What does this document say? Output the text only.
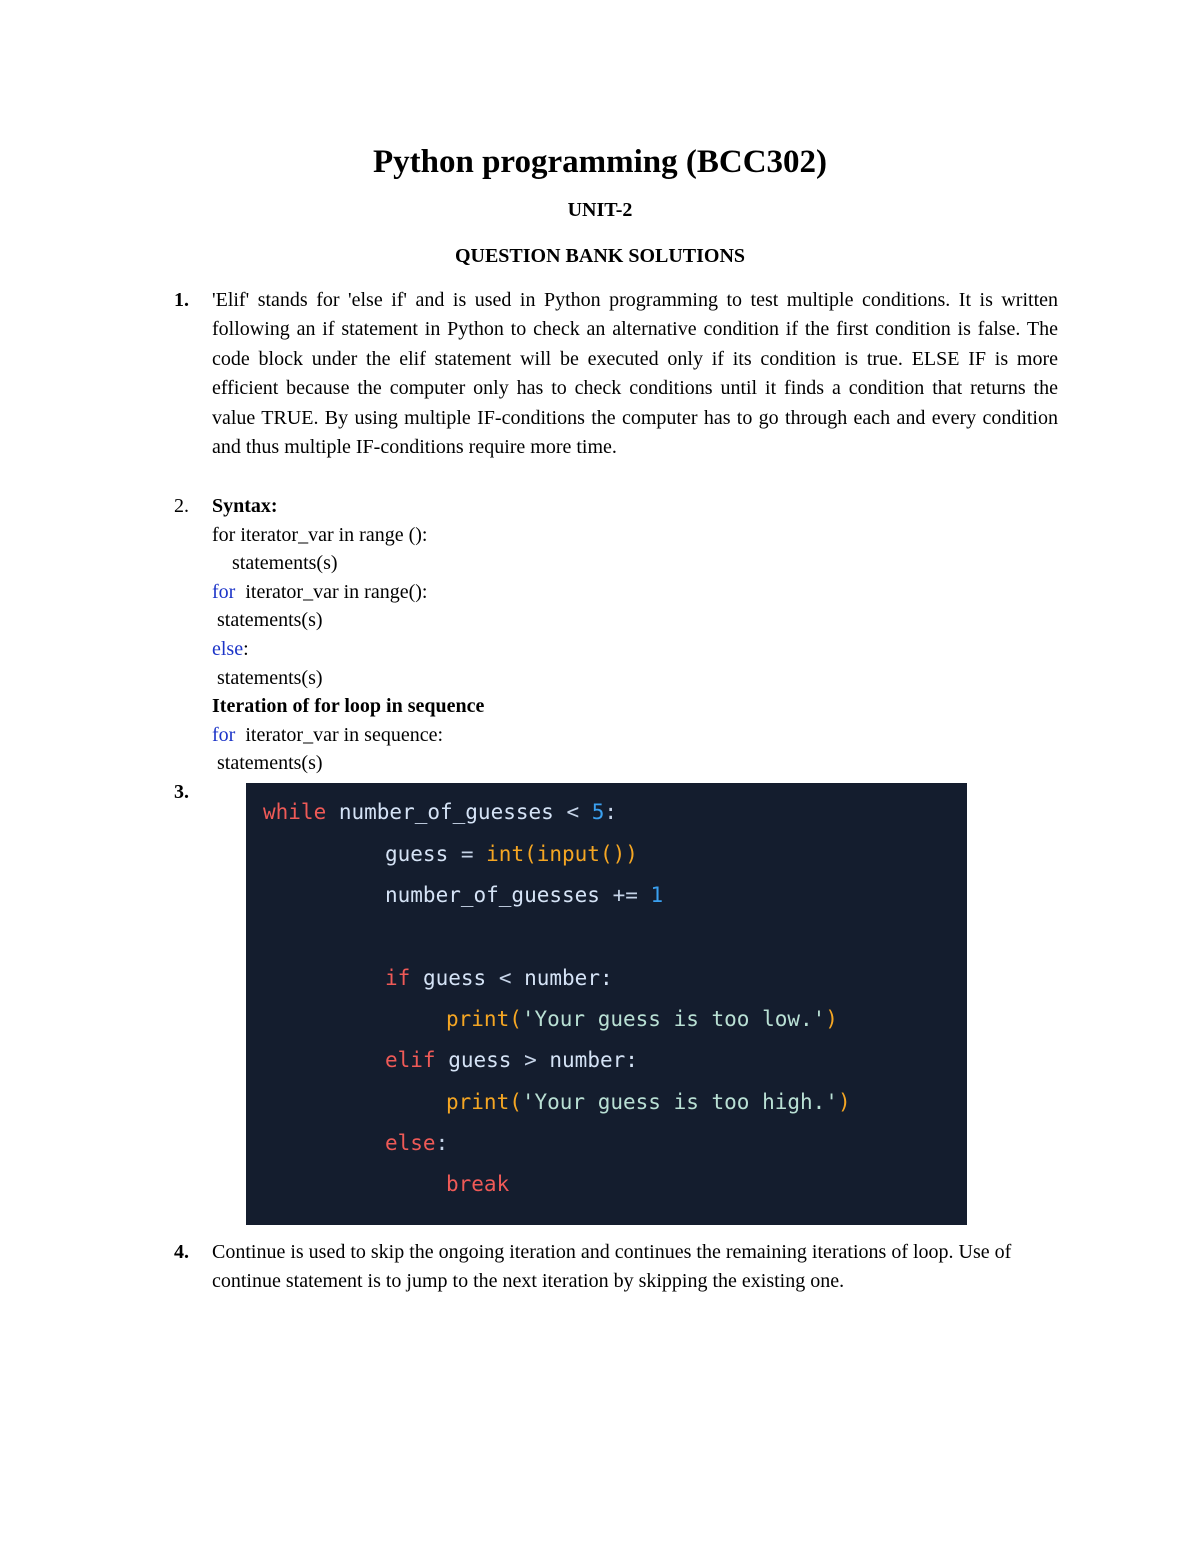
Python programming (BCC302)
UNIT-2
QUESTION BANK SOLUTIONS
1. 'Elif' stands for 'else if' and is used in Python programming to test multiple conditions. It is written following an if statement in Python to check an alternative condition if the first condition is false. The code block under the elif statement will be executed only if its condition is true. ELSE IF is more efficient because the computer only has to check conditions until it finds a condition that returns the value TRUE. By using multiple IF-conditions the computer has to go through each and every condition and thus multiple IF-conditions require more time.
2. Syntax:
for iterator_var in range ():
statements(s)
for  iterator_var in range():
statements(s)
else:
statements(s)
Iteration of for loop in sequence
for  iterator_var in sequence:
statements(s)
3.
while number_of_guesses < 5:
guess = int(input())
number_of_guesses += 1
if guess < number:
print('Your guess is too low.')
elif guess > number:
print('Your guess is too high.')
else:
break
4. Continue is used to skip the ongoing iteration and continues the remaining iterations of loop. Use of continue statement is to jump to the next iteration by skipping the existing one.
